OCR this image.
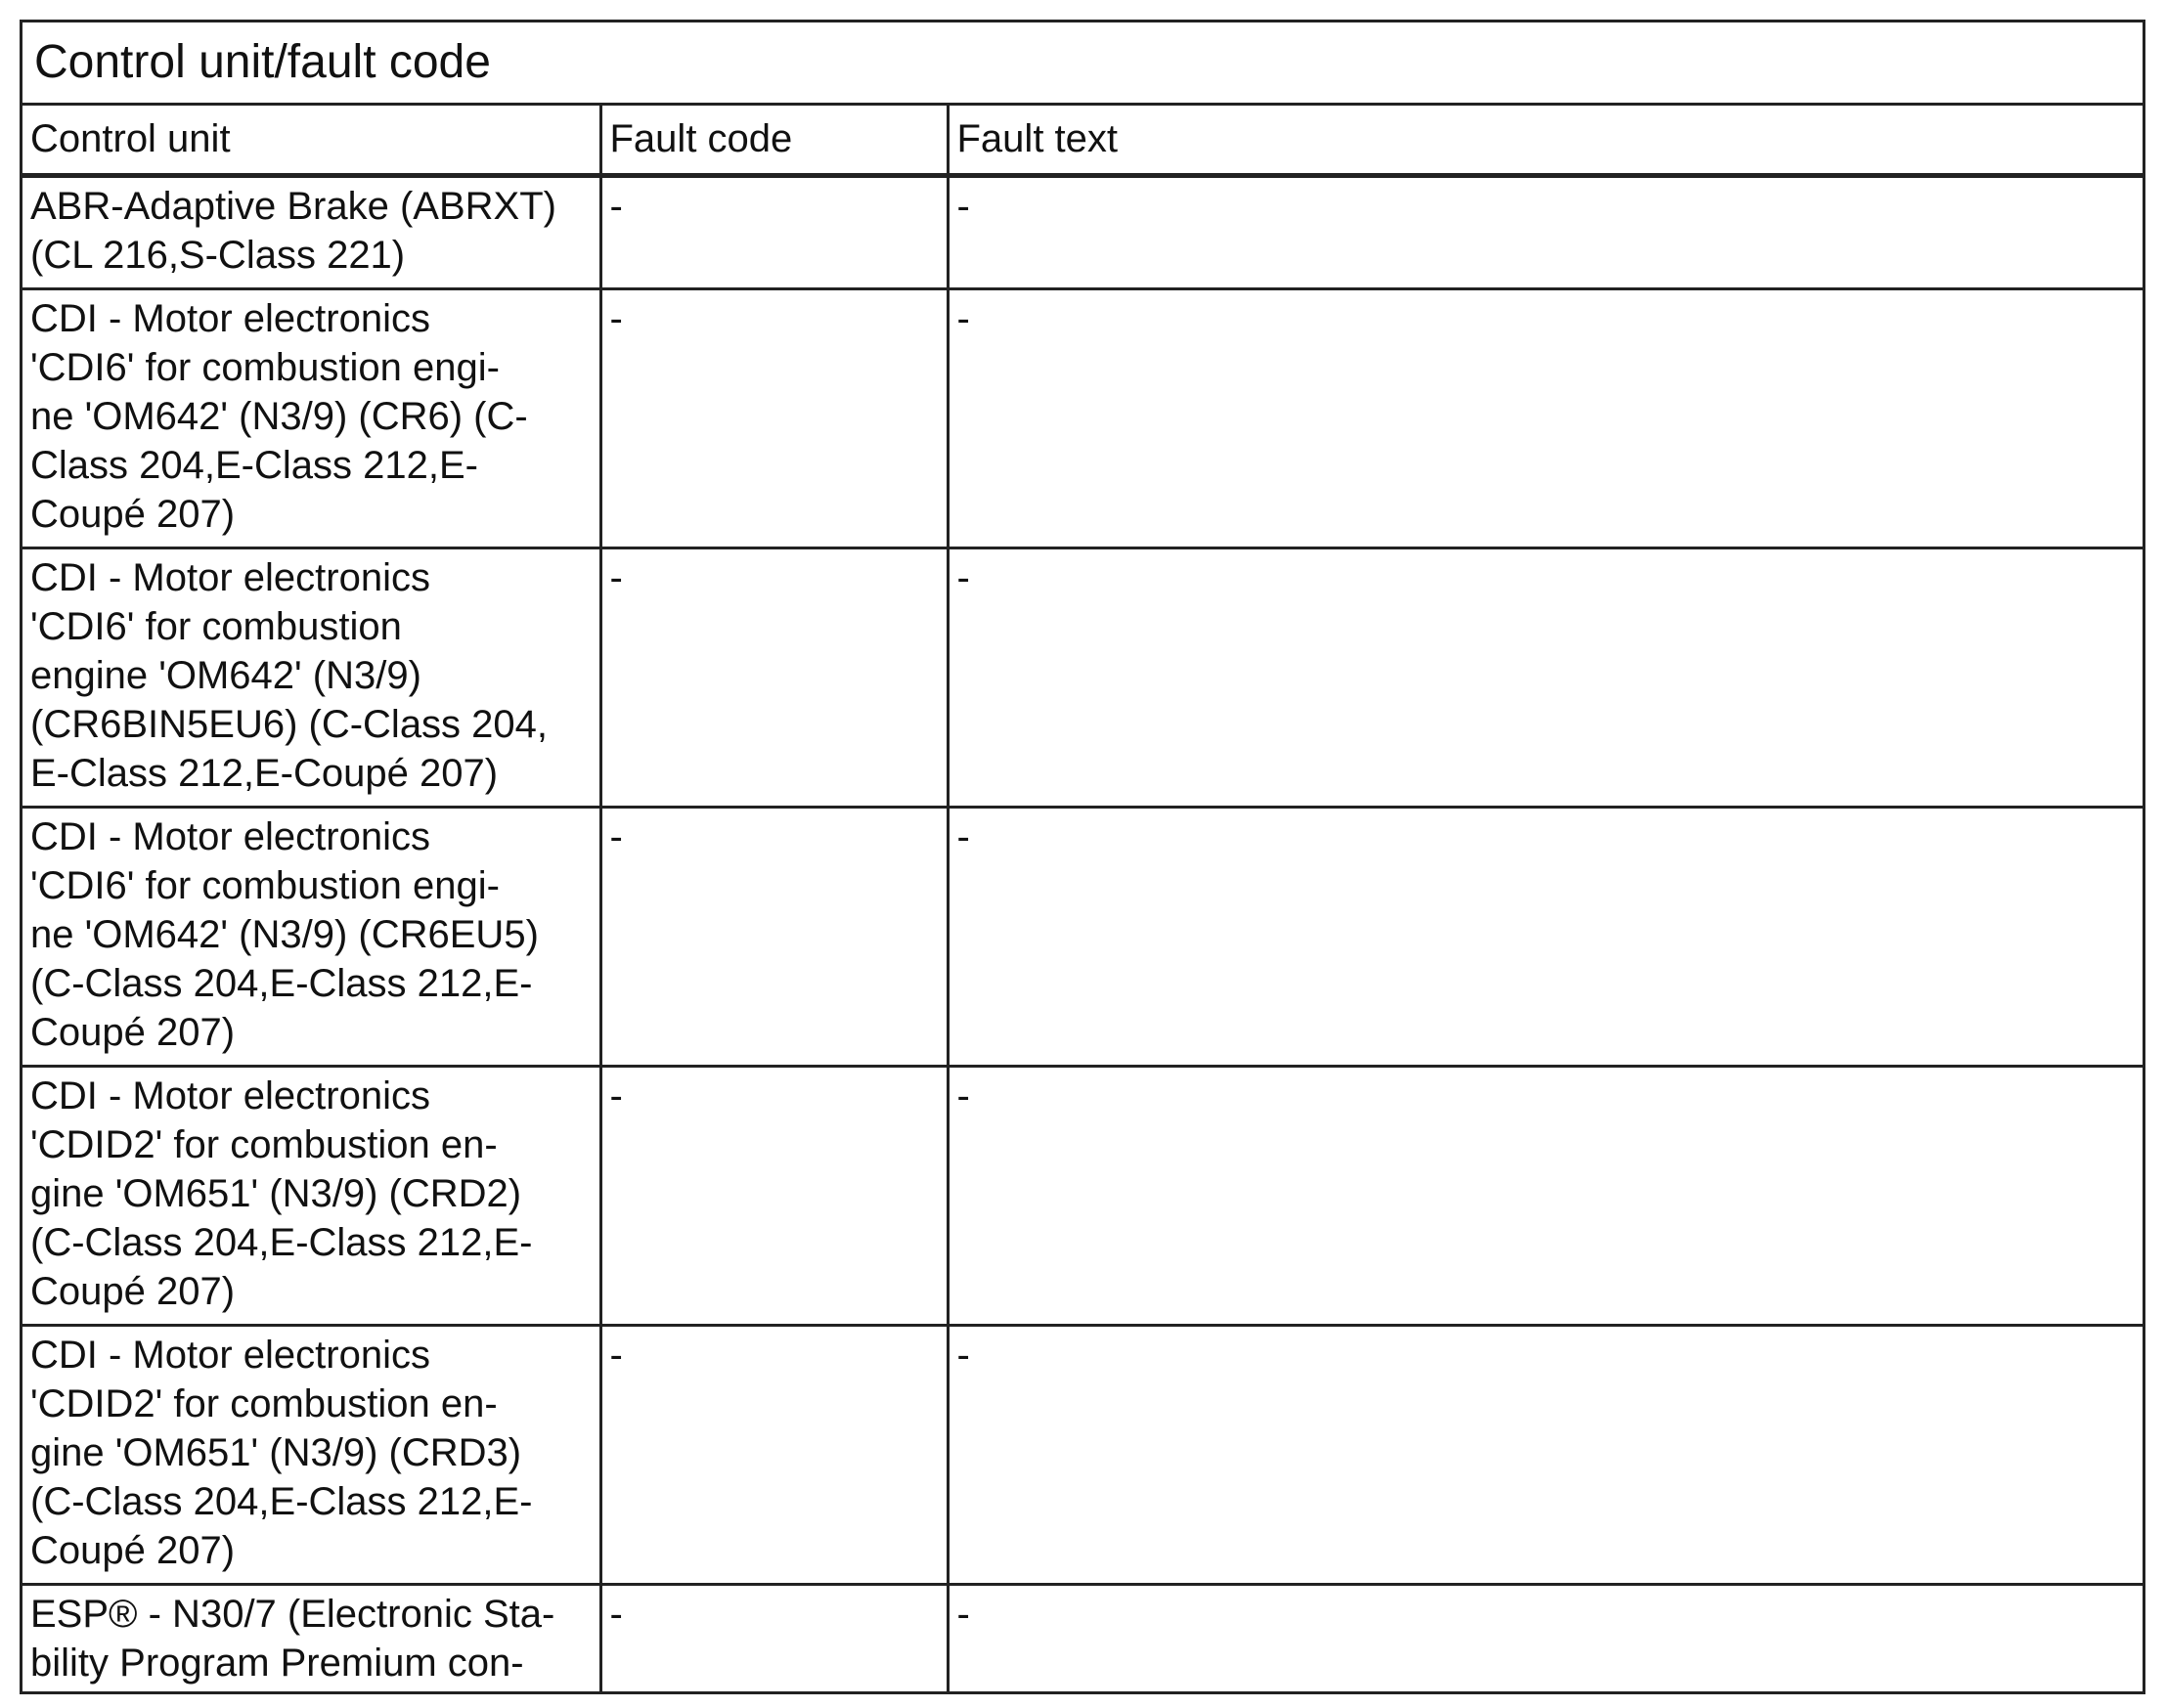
Control unit/fault code		
Control unit	Fault code	Fault text

ABR-Adaptive Brake (ABRXT)
(CL 216,S-Class 221)	-	-

CDI - Motor electronics
'CDI6' for combustion engi-
ne 'OM642' (N3/9) (CR6) (C-
Class 204,E-Class 212,E-
Coupé 207)	-	-

CDI - Motor electronics
'CDI6' for combustion
engine 'OM642' (N3/9)
(CR6BIN5EU6) (C-Class 204,
E-Class 212,E-Coupé 207)	-	-

CDI - Motor electronics
'CDI6' for combustion engi-
ne 'OM642' (N3/9) (CR6EU5)
(C-Class 204,E-Class 212,E-
Coupé 207)	-	-

CDI - Motor electronics
'CDID2' for combustion en-
gine 'OM651' (N3/9) (CRD2)
(C-Class 204,E-Class 212,E-
Coupé 207)	-	-

CDI - Motor electronics
'CDID2' for combustion en-
gine 'OM651' (N3/9) (CRD3)
(C-Class 204,E-Class 212,E-
Coupé 207)	-	-

ESP® - N30/7 (Electronic Sta-
bility Program Premium con-	-	-
